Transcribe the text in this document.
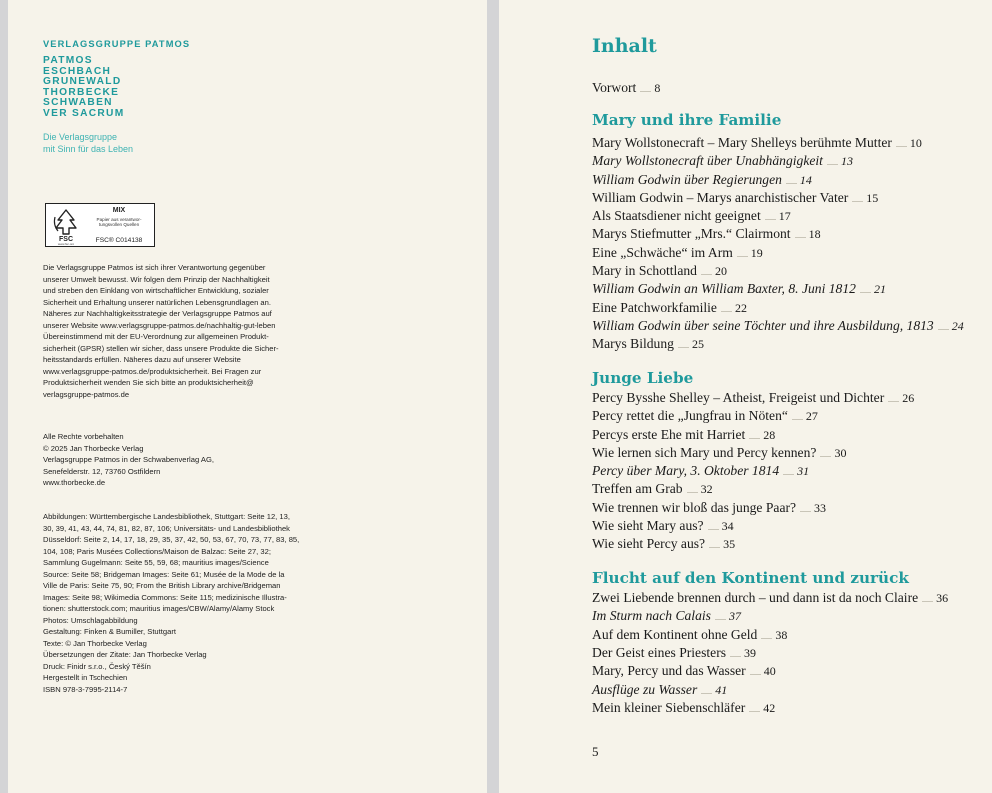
VERLAGSGRUPPE PATMOS
PATMOS
ESCHBACH
GRUNEWALD
THORBECKE
SCHWABEN
VER SACRUM
Die Verlagsgruppe
mit Sinn für das Leben
FSC
www.fsc.org
MIX
Papier aus verantwor-
tungsvollen Quellen
FSC® C014138
Die Verlagsgruppe Patmos ist sich ihrer Verantwortung gegenüber
unserer Umwelt bewusst. Wir folgen dem Prinzip der Nachhaltigkeit
und streben den Einklang von wirtschaftlicher Entwicklung, sozialer
Sicherheit und Erhaltung unserer natürlichen Lebensgrundlagen an.
Näheres zur Nachhaltigkeitsstrategie der Verlagsgruppe Patmos auf
unserer Website www.verlagsgruppe-patmos.de/nachhaltig-gut-leben
Übereinstimmend mit der EU-Verordnung zur allgemeinen Produkt-
sicherheit (GPSR) stellen wir sicher, dass unsere Produkte die Sicher-
heitsstandards erfüllen. Näheres dazu auf unserer Website
www.verlagsgruppe-patmos.de/produktsicherheit. Bei Fragen zur
Produktsicherheit wenden Sie sich bitte an produktsicherheit@
verlagsgruppe-patmos.de
Alle Rechte vorbehalten
© 2025 Jan Thorbecke Verlag
Verlagsgruppe Patmos in der Schwabenverlag AG,
Senefelderstr. 12, 73760 Ostfildern
www.thorbecke.de
Abbildungen: Württembergische Landesbibliothek, Stuttgart: Seite 12, 13,
30, 39, 41, 43, 44, 74, 81, 82, 87, 106; Universitäts- und Landesbibliothek
Düsseldorf: Seite 2, 14, 17, 18, 29, 35, 37, 42, 50, 53, 67, 70, 73, 77, 83, 85,
104, 108; Paris Musées Collections/Maison de Balzac: Seite 27, 32;
Sammlung Gugelmann: Seite 55, 59, 68; mauritius images/Science
Source: Seite 58; Bridgeman Images: Seite 61; Musée de la Mode de la
Ville de Paris: Seite 75, 90; From the British Library archive/Bridgeman
Images: Seite 98; Wikimedia Commons: Seite 115; medizinische Illustra-
tionen: shutterstock.com; mauritius images/CBW/Alamy/Alamy Stock
Photos: Umschlagabbildung
Gestaltung: Finken & Bumiller, Stuttgart
Texte: © Jan Thorbecke Verlag
Übersetzungen der Zitate: Jan Thorbecke Verlag
Druck: Finidr s.r.o., Český Těšín
Hergestellt in Tschechien
ISBN 978-3-7995-2114-7
Inhalt
Vorwort 8
Mary und ihre Familie
Mary Wollstonecraft – Mary Shelleys berühmte Mutter 10
Mary Wollstonecraft über Unabhängigkeit 13
William Godwin über Regierungen 14
William Godwin – Marys anarchistischer Vater 15
Als Staatsdiener nicht geeignet 17
Marys Stiefmutter „Mrs.“ Clairmont 18
Eine „Schwäche“ im Arm 19
Mary in Schottland 20
William Godwin an William Baxter, 8. Juni 1812 21
Eine Patchworkfamilie 22
William Godwin über seine Töchter und ihre Ausbildung, 1813 24
Marys Bildung 25
Junge Liebe
Percy Bysshe Shelley – Atheist, Freigeist und Dichter 26
Percy rettet die „Jungfrau in Nöten“ 27
Percys erste Ehe mit Harriet 28
Wie lernen sich Mary und Percy kennen? 30
Percy über Mary, 3. Oktober 1814 31
Treffen am Grab 32
Wie trennen wir bloß das junge Paar? 33
Wie sieht Mary aus? 34
Wie sieht Percy aus? 35
Flucht auf den Kontinent und zurück
Zwei Liebende brennen durch – und dann ist da noch Claire 36
Im Sturm nach Calais 37
Auf dem Kontinent ohne Geld 38
Der Geist eines Priesters 39
Mary, Percy und das Wasser 40
Ausflüge zu Wasser 41
Mein kleiner Siebenschläfer 42
5
